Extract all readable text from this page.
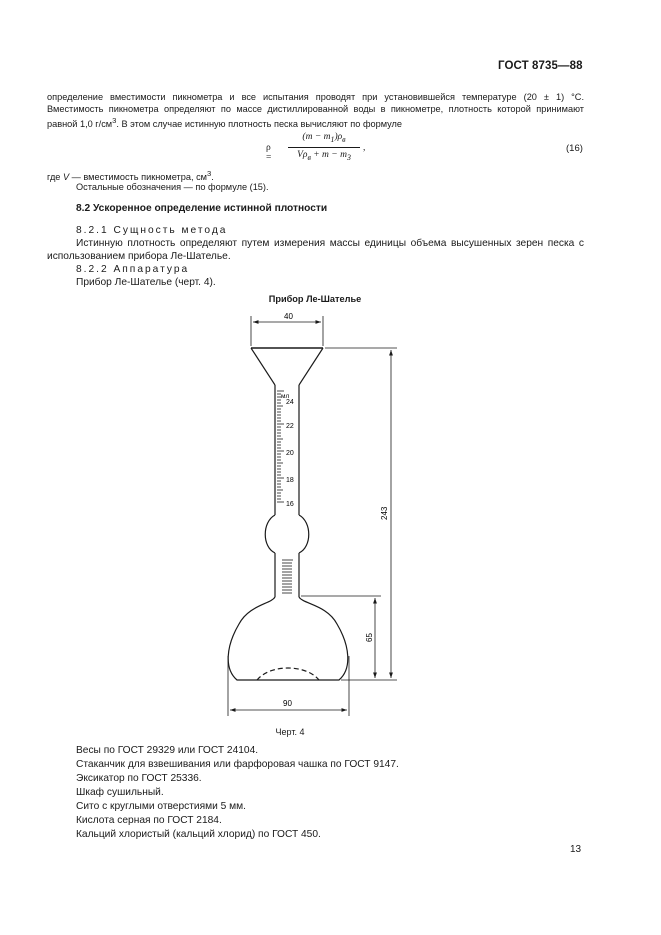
ГОСТ 8735—88
определение вместимости пикнометра и все испытания проводят при установившейся температуре (20 ± 1) °С. Вместимость пикнометра определяют по массе дистиллированной воды в пикнометре, плотность которой принимают равной 1,0 $г/см^3$. В этом случае истинную плотность песка вычисляют по формуле
ρ =
$(m - m_1)\rho_в$
$V\rho_в + m - m_3$
,	(16)
где V — вместимость пикнометра, $см^3$.
Остальные обозначения — по формуле (15).
8.2 Ускоренное определение истинной плотности
8.2.1 Сущность метода
Истинную плотность определяют путем измерения массы единицы объема высушенных зерен песка с использованием прибора Ле-Шателье.
8.2.2 Аппаратура
Прибор Ле-Шателье (черт. 4).
Прибор Ле-Шателье
мл
24
22
20
18
16
40
243
65
90
Черт. 4
Весы по ГОСТ 29329 или ГОСТ 24104.
Стаканчик для взвешивания или фарфоровая чашка по ГОСТ 9147.
Эксикатор по ГОСТ 25336.
Шкаф сушильный.
Сито с круглыми отверстиями 5 мм.
Кислота серная по ГОСТ 2184.
Кальций хлористый (кальций хлорид) по ГОСТ 450.
13
